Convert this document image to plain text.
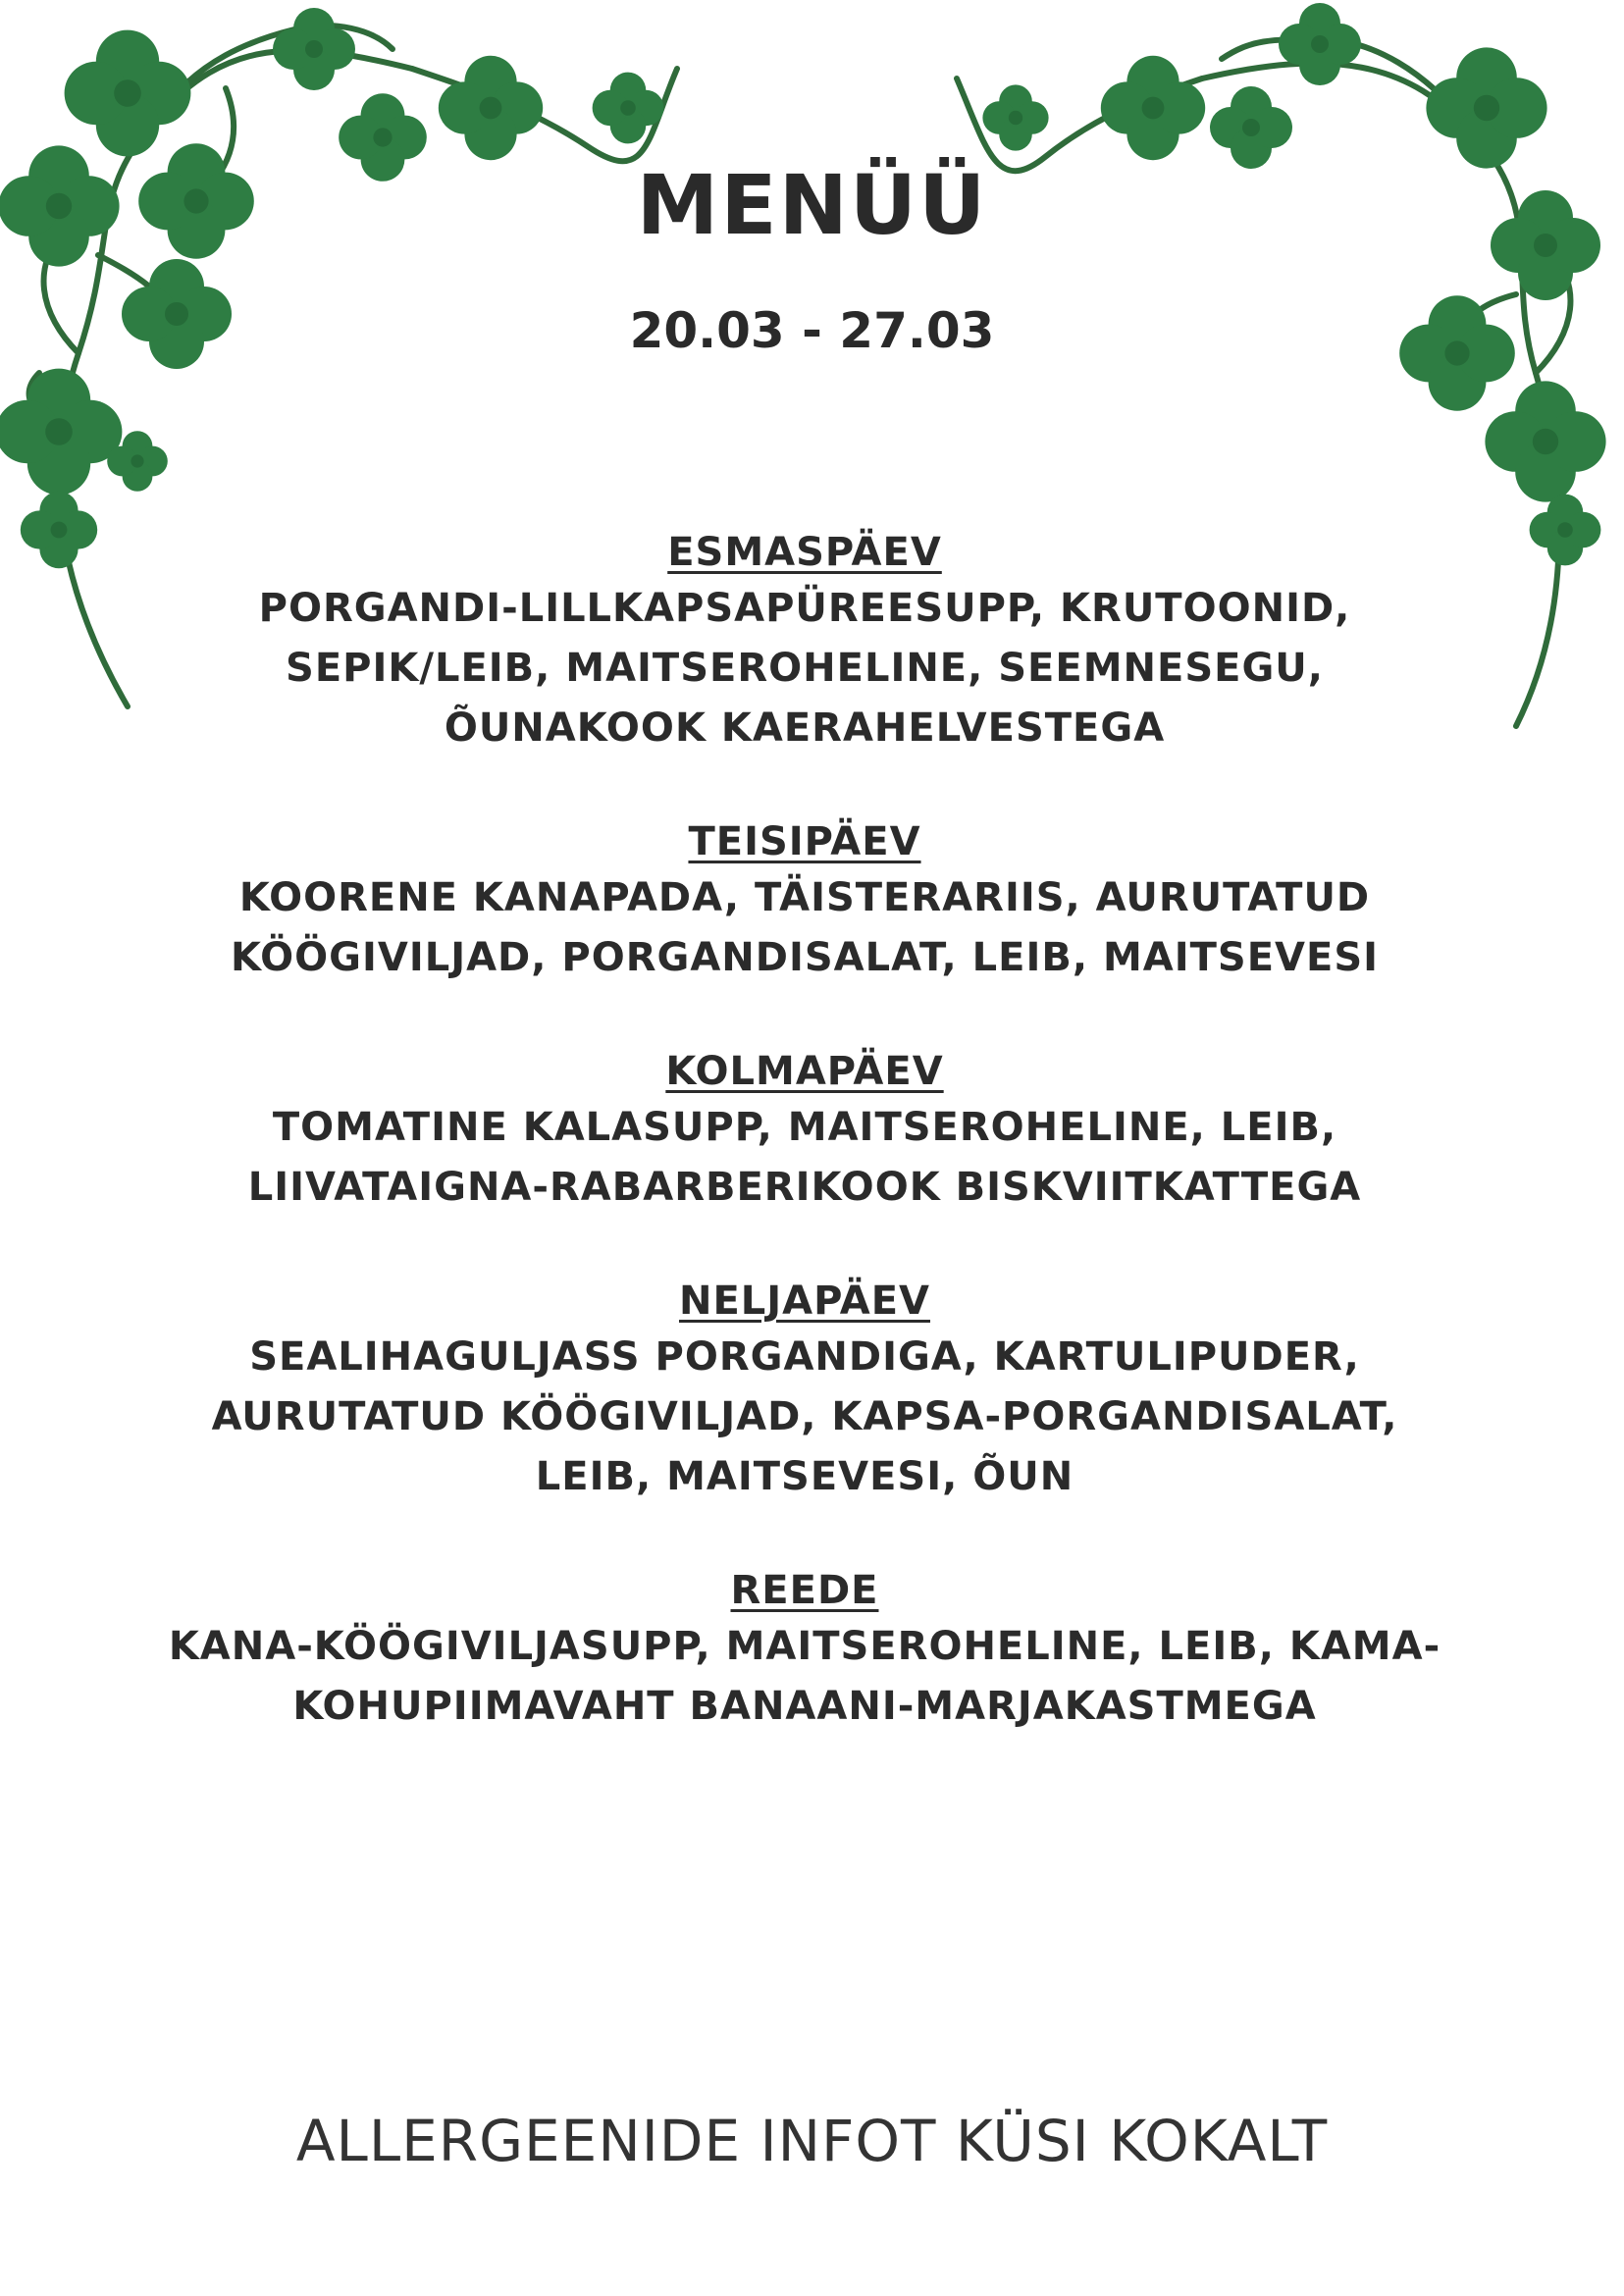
MENÜÜ
20.03 - 27.03
ESMASPÄEV
PORGANDI-LILLKAPSAPÜREESUPP, KRUTOONID,
SEPIK/LEIB, MAITSEROHELINE, SEEMNESEGU,
ÕUNAKOOK KAERAHELVESTEGA
TEISIPÄEV
KOORENE KANAPADA, TÄISTERARIIS, AURUTATUD
KÖÖGIVILJAD, PORGANDISALAT, LEIB, MAITSEVESI
KOLMAPÄEV
TOMATINE KALASUPP, MAITSEROHELINE, LEIB,
LIIVATAIGNA-RABARBERIKOOK BISKVIITKATTEGA
NELJAPÄEV
SEALIHAGULJASS PORGANDIGA, KARTULIPUDER,
AURUTATUD KÖÖGIVILJAD, KAPSA-PORGANDISALAT,
LEIB, MAITSEVESI, ÕUN
REEDE
KANA-KÖÖGIVILJASUPP, MAITSEROHELINE, LEIB, KAMA-
KOHUPIIMAVAHT BANAANI-MARJAKASTMEGA
ALLERGEENIDE INFOT KÜSI KOKALT
